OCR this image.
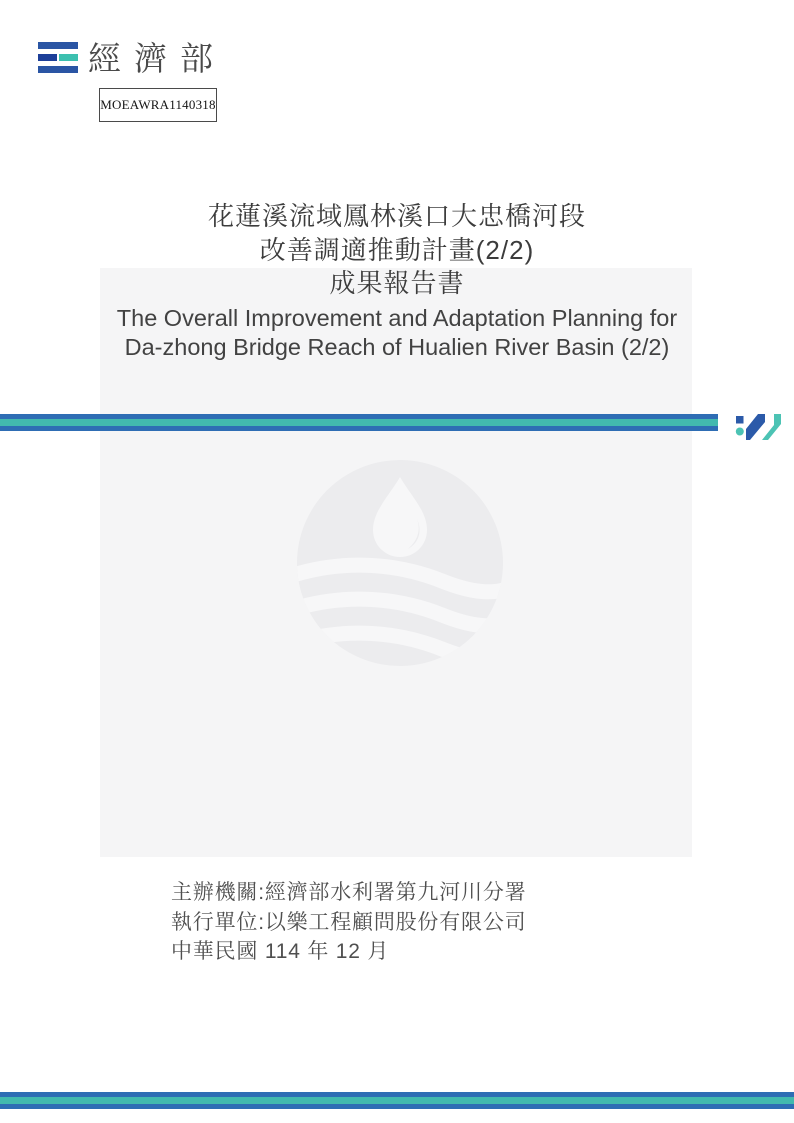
經濟部
MOEAWRA1140318
花蓮溪流域鳳林溪口大忠橋河段
改善調適推動計畫(2/2)
成果報告書
The Overall Improvement and Adaptation Planning for
Da-zhong Bridge Reach of Hualien River Basin (2/2)
主辦機關:經濟部水利署第九河川分署
執行單位:以樂工程顧問股份有限公司
中華民國 114 年 12 月
